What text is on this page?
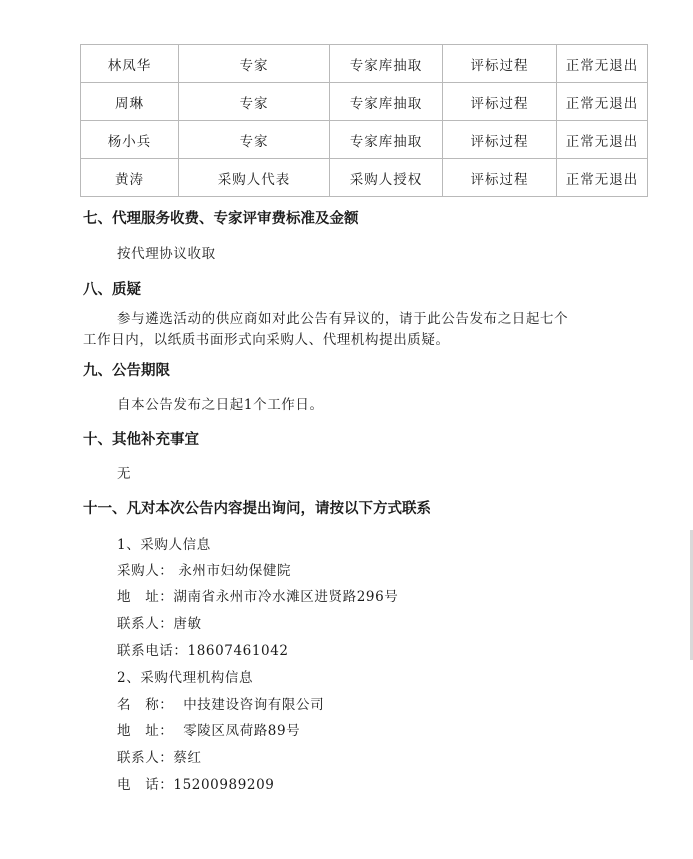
林凤华	专家	专家库抽取	评标过程	正常无退出
周琳	专家	专家库抽取	评标过程	正常无退出
杨小兵	专家	专家库抽取	评标过程	正常无退出
黄涛	采购人代表	采购人授权	评标过程	正常无退出
七、代理服务收费、专家评审费标准及金额
按代理协议收取
八、质疑
参与遴选活动的供应商如对此公告有异议的，请于此公告发布之日起七个
工作日内，以纸质书面形式向采购人、代理机构提出质疑。
九、公告期限
自本公告发布之日起1个工作日。
十、其他补充事宜
无
十一、凡对本次公告内容提出询问，请按以下方式联系
1、采购人信息
采购人： 永州市妇幼保健院
地　址：湖南省永州市冷水滩区进贤路296号
联系人：唐敏
联系电话：18607461042
2、采购代理机构信息
名　称： 中技建设咨询有限公司
地　址： 零陵区凤荷路89号
联系人：蔡红
电　话：15200989209
